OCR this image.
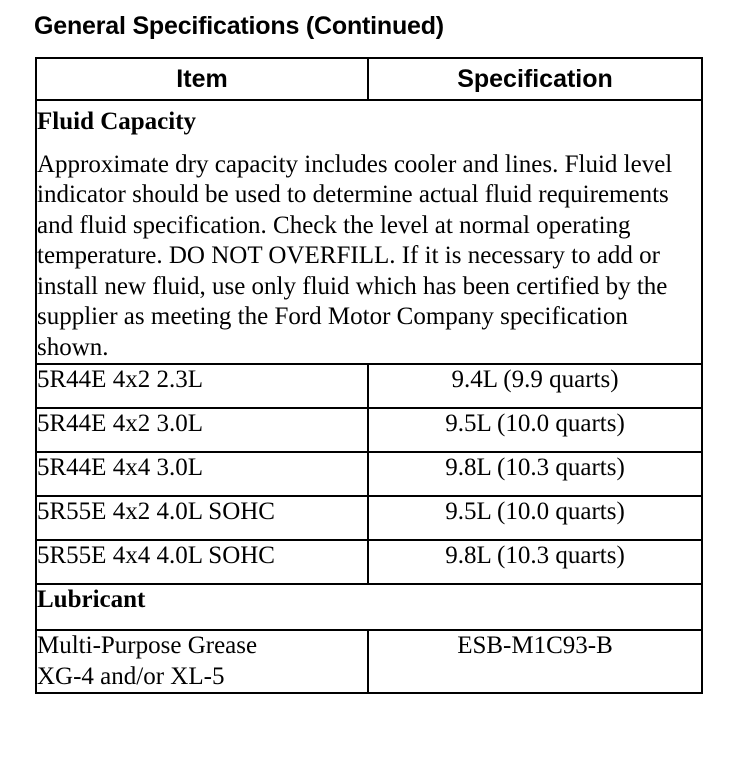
General Specifications (Continued)
Item	Specification

Fluid Capacity
Approximate dry capacity includes cooler and lines. Fluid level indicator should be used to determine actual fluid requirements and fluid specification. Check the level at normal operating temperature. DO NOT OVERFILL. If it is necessary to add or install new fluid, use only fluid which has been certified by the supplier as meeting the Ford Motor Company specification shown.	

5R44E 4x2 2.3L	9.4L (9.9 quarts)
5R44E 4x2 3.0L	9.5L (10.0 quarts)
5R44E 4x4 3.0L	9.8L (10.3 quarts)
5R55E 4x2 4.0L SOHC	9.5L (10.0 quarts)
5R55E 4x4 4.0L SOHC	9.8L (10.3 quarts)
Lubricant	

Multi-Purpose Grease
XG-4 and/or XL-5	ESB-M1C93-B
